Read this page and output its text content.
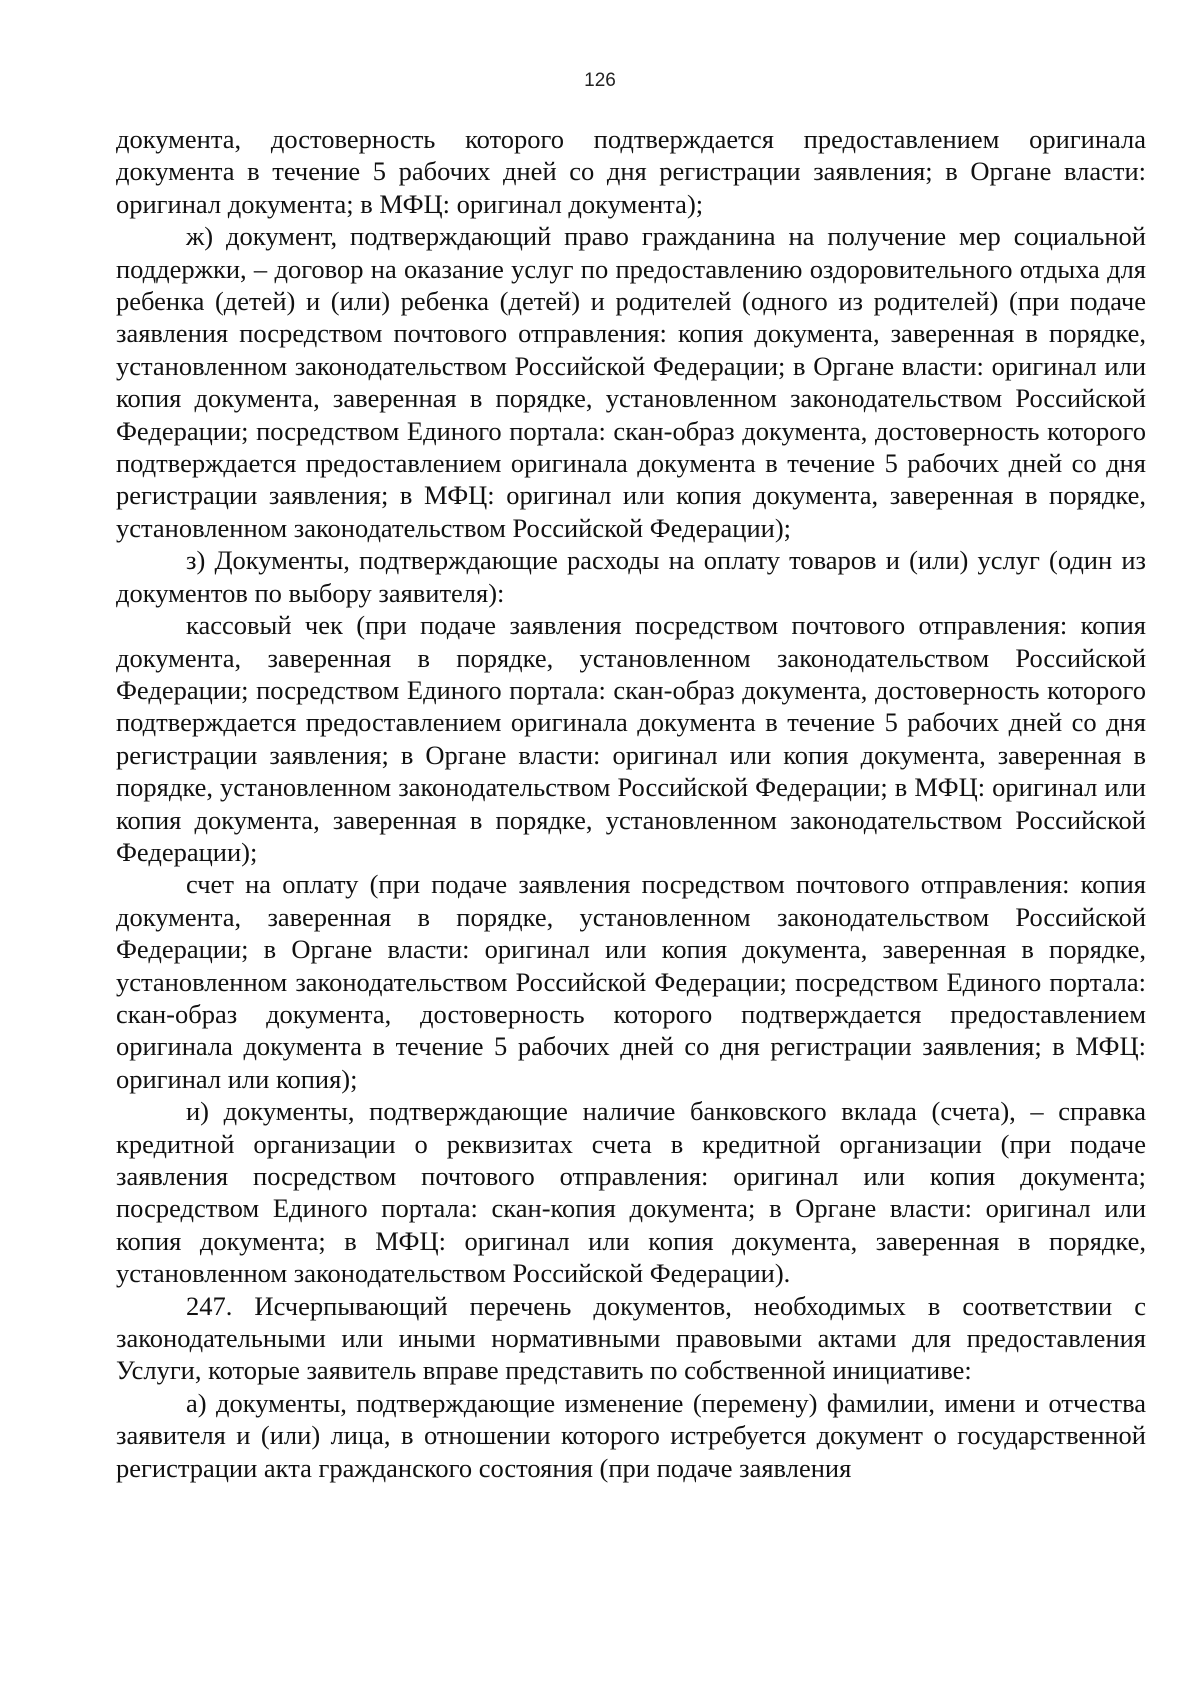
126

документа, достоверность которого подтверждается предоставлением оригинала документа в течение 5 рабочих дней со дня регистрации заявления; в Органе власти: оригинал документа; в МФЦ: оригинал документа);

ж) документ, подтверждающий право гражданина на получение мер социальной поддержки, – договор на оказание услуг по предоставлению оздоровительного отдыха для ребенка (детей) и (или) ребенка (детей) и родителей (одного из родителей) (при подаче заявления посредством почтового отправления: копия документа, заверенная в порядке, установленном законодательством Российской Федерации; в Органе власти: оригинал или копия документа, заверенная в порядке, установленном законодательством Российской Федерации; посредством Единого портала: скан-образ документа, достоверность которого подтверждается предоставлением оригинала документа в течение 5 рабочих дней со дня регистрации заявления; в МФЦ: оригинал или копия документа, заверенная в порядке, установленном законодательством Российской Федерации);

з) Документы, подтверждающие расходы на оплату товаров и (или) услуг (один из документов по выбору заявителя):

кассовый чек (при подаче заявления посредством почтового отправления: копия документа, заверенная в порядке, установленном законодательством Российской Федерации; посредством Единого портала: скан-образ документа, достоверность которого подтверждается предоставлением оригинала документа в течение 5 рабочих дней со дня регистрации заявления; в Органе власти: оригинал или копия документа, заверенная в порядке, установленном законодательством Российской Федерации; в МФЦ: оригинал или копия документа, заверенная в порядке, установленном законодательством Российской Федерации);

счет на оплату (при подаче заявления посредством почтового отправления: копия документа, заверенная в порядке, установленном законодательством Российской Федерации; в Органе власти: оригинал или копия документа, заверенная в порядке, установленном законодательством Российской Федерации; посредством Единого портала: скан-образ документа, достоверность которого подтверждается предоставлением оригинала документа в течение 5 рабочих дней со дня регистрации заявления; в МФЦ: оригинал или копия);

и) документы, подтверждающие наличие банковского вклада (счета), – справка кредитной организации о реквизитах счета в кредитной организации (при подаче заявления посредством почтового отправления: оригинал или копия документа; посредством Единого портала: скан-копия документа; в Органе власти: оригинал или копия документа; в МФЦ: оригинал или копия документа, заверенная в порядке, установленном законодательством Российской Федерации).

247. Исчерпывающий перечень документов, необходимых в соответствии с законодательными или иными нормативными правовыми актами для предоставления Услуги, которые заявитель вправе представить по собственной инициативе:

а) документы, подтверждающие изменение (перемену) фамилии, имени и отчества заявителя и (или) лица, в отношении которого истребуется документ о государственной регистрации акта гражданского состояния (при подаче заявления
